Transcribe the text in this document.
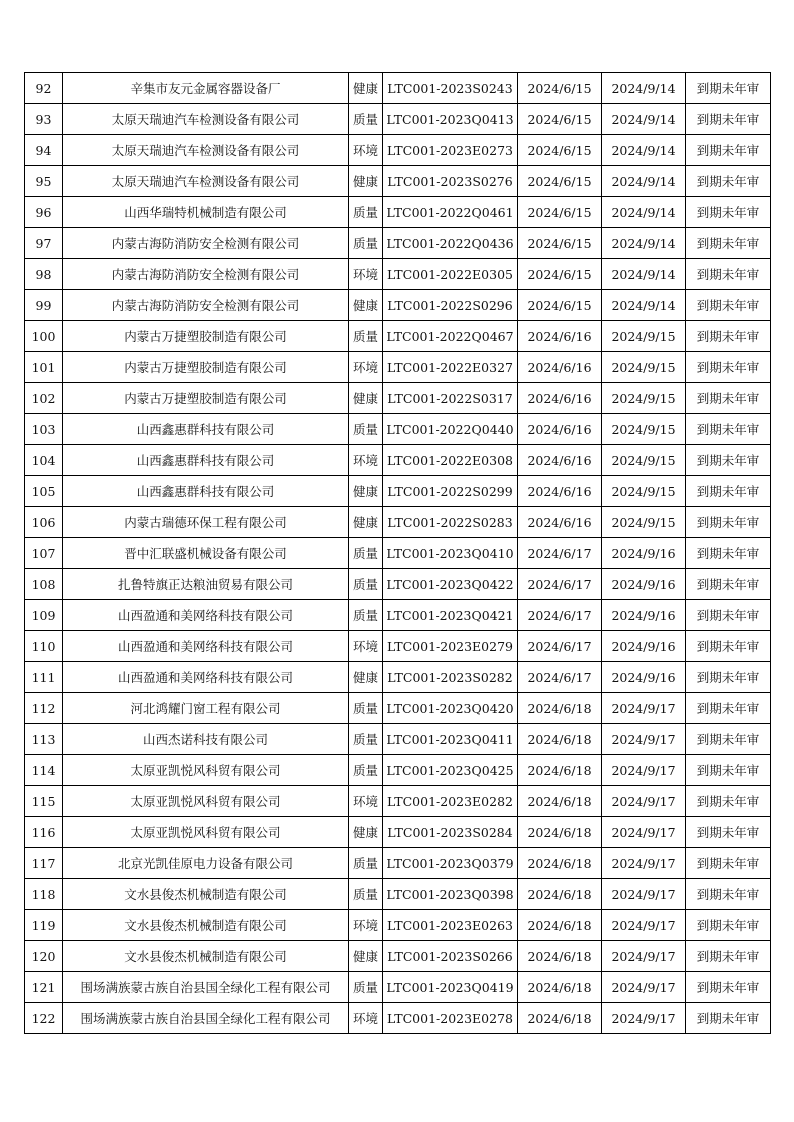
92	辛集市友元金属容器设备厂	健康	LTC001-2023S0243	2024/6/15	2024/9/14	到期未年审
93	太原天瑞迪汽车检测设备有限公司	质量	LTC001-2023Q0413	2024/6/15	2024/9/14	到期未年审
94	太原天瑞迪汽车检测设备有限公司	环境	LTC001-2023E0273	2024/6/15	2024/9/14	到期未年审
95	太原天瑞迪汽车检测设备有限公司	健康	LTC001-2023S0276	2024/6/15	2024/9/14	到期未年审
96	山西华瑞特机械制造有限公司	质量	LTC001-2022Q0461	2024/6/15	2024/9/14	到期未年审
97	内蒙古海防消防安全检测有限公司	质量	LTC001-2022Q0436	2024/6/15	2024/9/14	到期未年审
98	内蒙古海防消防安全检测有限公司	环境	LTC001-2022E0305	2024/6/15	2024/9/14	到期未年审
99	内蒙古海防消防安全检测有限公司	健康	LTC001-2022S0296	2024/6/15	2024/9/14	到期未年审
100	内蒙古万捷塑胶制造有限公司	质量	LTC001-2022Q0467	2024/6/16	2024/9/15	到期未年审
101	内蒙古万捷塑胶制造有限公司	环境	LTC001-2022E0327	2024/6/16	2024/9/15	到期未年审
102	内蒙古万捷塑胶制造有限公司	健康	LTC001-2022S0317	2024/6/16	2024/9/15	到期未年审
103	山西鑫惠群科技有限公司	质量	LTC001-2022Q0440	2024/6/16	2024/9/15	到期未年审
104	山西鑫惠群科技有限公司	环境	LTC001-2022E0308	2024/6/16	2024/9/15	到期未年审
105	山西鑫惠群科技有限公司	健康	LTC001-2022S0299	2024/6/16	2024/9/15	到期未年审
106	内蒙古瑞德环保工程有限公司	健康	LTC001-2022S0283	2024/6/16	2024/9/15	到期未年审
107	晋中汇联盛机械设备有限公司	质量	LTC001-2023Q0410	2024/6/17	2024/9/16	到期未年审
108	扎鲁特旗正达粮油贸易有限公司	质量	LTC001-2023Q0422	2024/6/17	2024/9/16	到期未年审
109	山西盈通和美网络科技有限公司	质量	LTC001-2023Q0421	2024/6/17	2024/9/16	到期未年审
110	山西盈通和美网络科技有限公司	环境	LTC001-2023E0279	2024/6/17	2024/9/16	到期未年审
111	山西盈通和美网络科技有限公司	健康	LTC001-2023S0282	2024/6/17	2024/9/16	到期未年审
112	河北鸿耀门窗工程有限公司	质量	LTC001-2023Q0420	2024/6/18	2024/9/17	到期未年审
113	山西杰诺科技有限公司	质量	LTC001-2023Q0411	2024/6/18	2024/9/17	到期未年审
114	太原亚凯悦风科贸有限公司	质量	LTC001-2023Q0425	2024/6/18	2024/9/17	到期未年审
115	太原亚凯悦风科贸有限公司	环境	LTC001-2023E0282	2024/6/18	2024/9/17	到期未年审
116	太原亚凯悦风科贸有限公司	健康	LTC001-2023S0284	2024/6/18	2024/9/17	到期未年审
117	北京光凯佳原电力设备有限公司	质量	LTC001-2023Q0379	2024/6/18	2024/9/17	到期未年审
118	文水县俊杰机械制造有限公司	质量	LTC001-2023Q0398	2024/6/18	2024/9/17	到期未年审
119	文水县俊杰机械制造有限公司	环境	LTC001-2023E0263	2024/6/18	2024/9/17	到期未年审
120	文水县俊杰机械制造有限公司	健康	LTC001-2023S0266	2024/6/18	2024/9/17	到期未年审
121	围场满族蒙古族自治县国全绿化工程有限公司	质量	LTC001-2023Q0419	2024/6/18	2024/9/17	到期未年审
122	围场满族蒙古族自治县国全绿化工程有限公司	环境	LTC001-2023E0278	2024/6/18	2024/9/17	到期未年审
